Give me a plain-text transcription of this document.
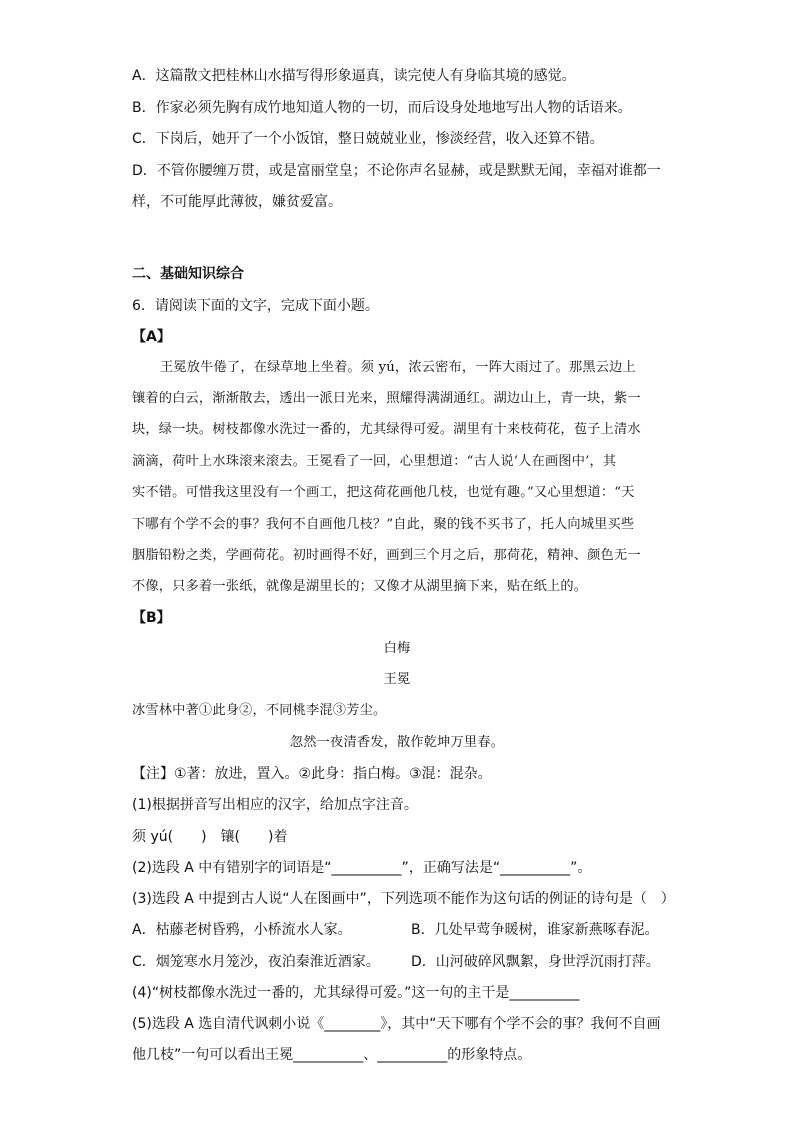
A．这篇散文把桂林山水描写得形象逼真，读完使人有身临其境的感觉。
B．作家必须先胸有成竹地知道人物的一切，而后设身处地地写出人物的话语来。
C．下岗后，她开了一个小饭馆，整日兢兢业业，惨淡经营，收入还算不错。
D．不管你腰缠万贯，或是富丽堂皇；不论你声名显赫，或是默默无闻，幸福对谁都一
样，不可能厚此薄彼，嫌贫爱富。
二、基础知识综合
6．请阅读下面的文字，完成下面小题。
【A】
王冕放牛倦了，在绿草地上坐着。须 yú，浓云密布，一阵大雨过了。那黑云边上
镶着的白云，渐渐散去，透出一派日光来，照耀得满湖通红。湖边山上，青一块，紫一
块，绿一块。树枝都像水洗过一番的，尤其绿得可爱。湖里有十来枝荷花，苞子上清水
滴滴，荷叶上水珠滚来滚去。王冕看了一回，心里想道：“古人说‘人在画图中’，其
实不错。可惜我这里没有一个画工，把这荷花画他几枝，也觉有趣。”又心里想道：“天
下哪有个学不会的事？我何不自画他几枝？”自此，聚的钱不买书了，托人向城里买些
胭脂铅粉之类，学画荷花。初时画得不好，画到三个月之后，那荷花，精神、颜色无一
不像，只多着一张纸，就像是湖里长的；又像才从湖里摘下来，贴在纸上的。
【B】
白梅
王冕
冰雪林中著①此身②，不同桃李混③芳尘。
忽然一夜清香发，散作乾坤万里春。
【注】①著：放进，置入。②此身：指白梅。③混：混杂。
(1)根据拼音写出相应的汉字，给加点字注音。
须 yú(　　)　镶(　　)着
(2)选段 A 中有错别字的词语是“__________”，正确写法是“__________”。
(3)选段 A 中提到古人说“人在图画中”，下列选项不能作为这句话的例证的诗句是（　）
A．枯藤老树昏鸦，小桥流水人家。	B．几处早莺争暖树，谁家新燕啄春泥。
C．烟笼寒水月笼沙，夜泊秦淮近酒家。 D．山河破碎风飘絮，身世浮沉雨打萍。
(4)“树枝都像水洗过一番的，尤其绿得可爱。”这一句的主干是__________
(5)选段 A 选自清代讽刺小说《________》，其中“天下哪有个学不会的事？我何不自画
他几枝”一句可以看出王冕__________、__________的形象特点。
